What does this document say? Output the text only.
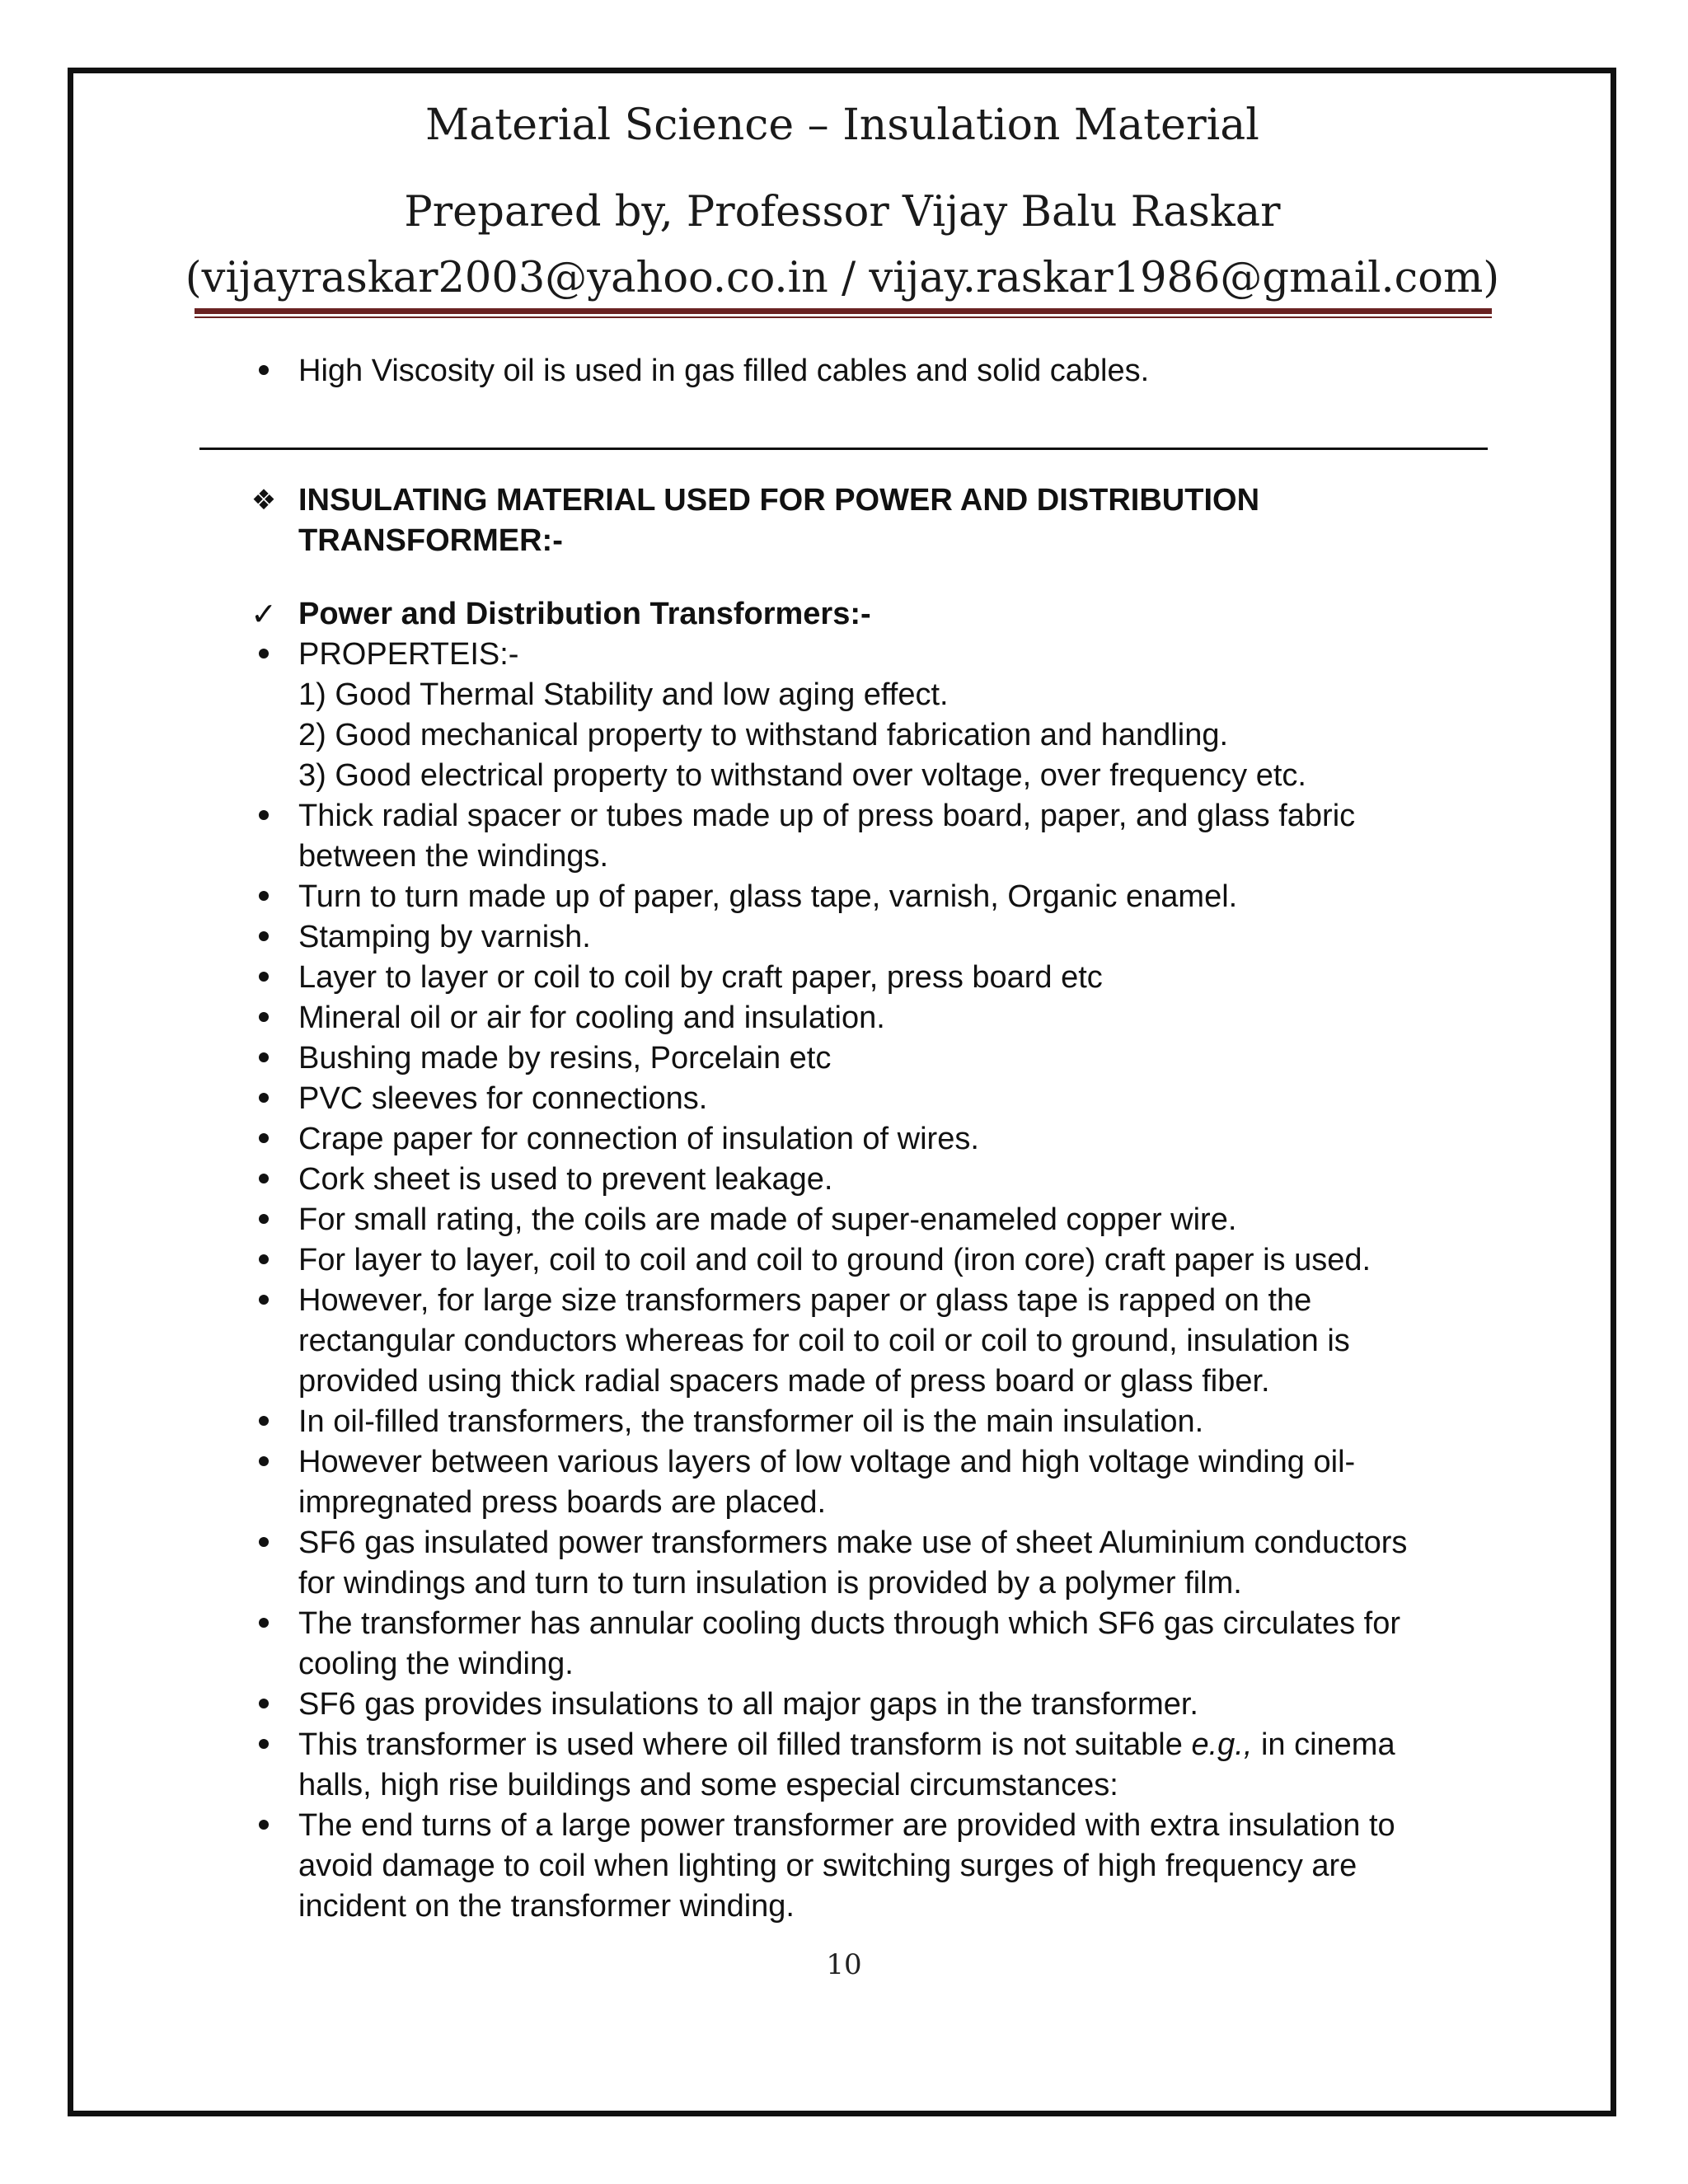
Material Science – Insulation Material
Prepared by, Professor Vijay Balu Raskar
(vijayraskar2003@yahoo.co.in / vijay.raskar1986@gmail.com)
High Viscosity oil is used in gas filled cables and solid cables.
❖ INSULATING MATERIAL USED FOR POWER AND DISTRIBUTION
TRANSFORMER:-
✓ Power and Distribution Transformers:-
PROPERTEIS:-
1) Good Thermal Stability and low aging effect.
2) Good mechanical property to withstand fabrication and handling.
3) Good electrical property to withstand over voltage, over frequency etc.
Thick radial spacer or tubes made up of press board, paper, and glass fabric
between the windings.
Turn to turn made up of paper, glass tape, varnish, Organic enamel.
Stamping by varnish.
Layer to layer or coil to coil by craft paper, press board etc
Mineral oil or air for cooling and insulation.
Bushing made by resins, Porcelain etc
PVC sleeves for connections.
Crape paper for connection of insulation of wires.
Cork sheet is used to prevent leakage.
For small rating, the coils are made of super-enameled copper wire.
For layer to layer, coil to coil and coil to ground (iron core) craft paper is used.
However, for large size transformers paper or glass tape is rapped on the
rectangular conductors whereas for coil to coil or coil to ground, insulation is
provided using thick radial spacers made of press board or glass fiber.
In oil-filled transformers, the transformer oil is the main insulation.
However between various layers of low voltage and high voltage winding oil-
impregnated press boards are placed.
SF6 gas insulated power transformers make use of sheet Aluminium conductors
for windings and turn to turn insulation is provided by a polymer film.
The transformer has annular cooling ducts through which SF6 gas circulates for
cooling the winding.
SF6 gas provides insulations to all major gaps in the transformer.
This transformer is used where oil filled transform is not suitable e.g., in cinema
halls, high rise buildings and some especial circumstances:
The end turns of a large power transformer are provided with extra insulation to
avoid damage to coil when lighting or switching surges of high frequency are
incident on the transformer winding.
10
